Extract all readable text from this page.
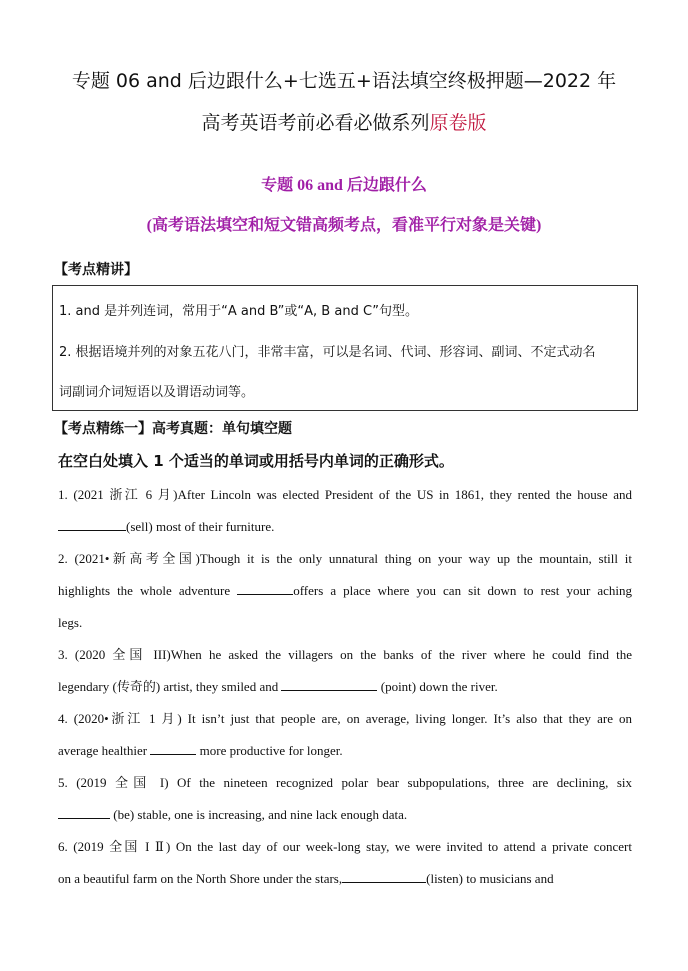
专题 06 and 后边跟什么+七选五+语法填空终极押题—2022 年
高考英语考前必看必做系列原卷版
专题 06 and 后边跟什么
(高考语法填空和短文错高频考点，看准平行对象是关键)
【考点精讲】

1. and 是并列连词，常用于“A and B”或“A, B and C”句型。

2. 根据语境并列的对象五花八门，非常丰富，可以是名词、代词、形容词、副词、不定式动名

词副词介词短语以及谓语动词等。

【考点精练一】高考真题：单句填空题
在空白处填入 1 个适当的单词或用括号内单词的正确形式。
1. (2021 浙江 6 月)After Lincoln was elected President of the US in 1861, they rented the house and
(sell) most of their furniture.
2. (2021•新高考全国)Though it is the only unnatural thing on your way up the mountain, still it
highlights the whole adventure	offers a place where you can sit down to rest your aching
legs.
3. (2020 全国 III)When he asked the villagers on the banks of the river where he could find the
legendary (传奇的) artist, they smiled and	(point) down the river.
4. (2020•浙江 1 月) It isn’t just that people are, on average, living longer. It’s also that they are on
average healthier	more productive for longer.
5. (2019 全国 I) Of the nineteen recognized polar bear subpopulations, three are declining, six
(be) stable, one is increasing, and nine lack enough data.
6. (2019 全国 I Ⅱ) On the last day of our week-long stay, we were invited to attend a private concert
on a beautiful farm on the North Shore under the stars,	(listen) to musicians and
